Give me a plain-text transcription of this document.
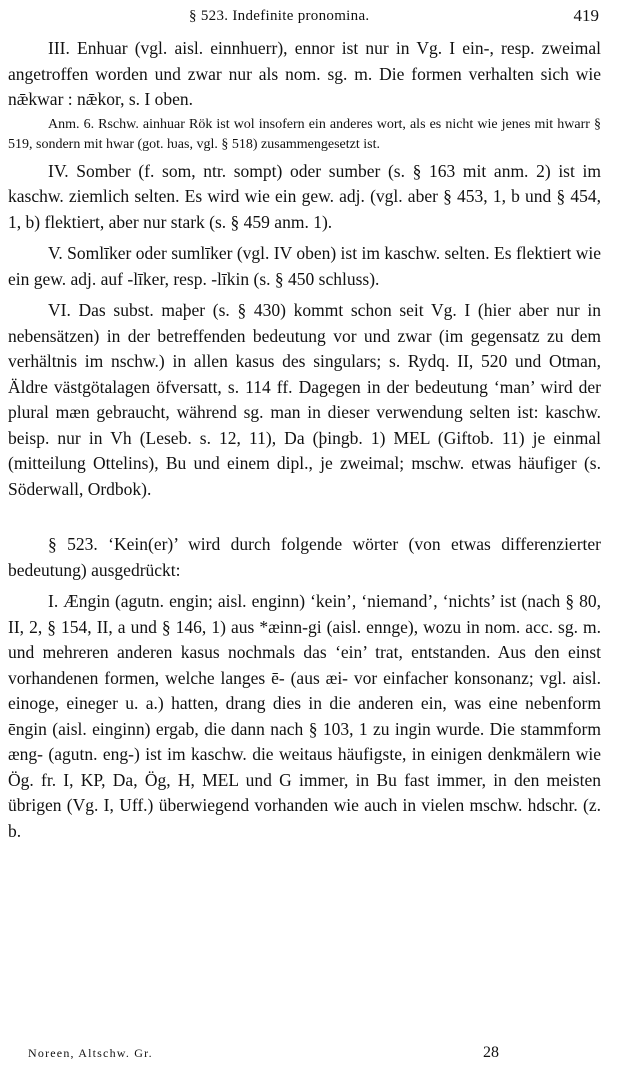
§ 523. Indefinite pronomina.	419

III. Enhuar (vgl. aisl. einnhuerr), ennor ist nur in Vg. I ein-, resp. zweimal angetroffen worden und zwar nur als nom. sg. m. Die formen verhalten sich wie nǣkwar : nǣkor, s. I oben.

Anm. 6. Rschw. ainhuar Rök ist wol insofern ein anderes wort, als es nicht wie jenes mit hwarr § 519, sondern mit hwar (got. ƕas, vgl. § 518) zusammengesetzt ist.

IV. Somber (f. som, ntr. sompt) oder sumber (s. § 163 mit anm. 2) ist im kaschw. ziemlich selten. Es wird wie ein gew. adj. (vgl. aber § 453, 1, b und § 454, 1, b) flektiert, aber nur stark (s. § 459 anm. 1).

V. Somlīker oder sumlīker (vgl. IV oben) ist im kaschw. selten. Es flektiert wie ein gew. adj. auf -līker, resp. -līkin (s. § 450 schluss).

VI. Das subst. maþer (s. § 430) kommt schon seit Vg. I (hier aber nur in nebensätzen) in der betreffenden bedeutung vor und zwar (im gegensatz zu dem verhältnis im nschw.) in allen kasus des singulars; s. Rydq. II, 520 und Otman, Äldre västgötalagen öfversatt, s. 114 ff. Dagegen in der bedeutung ‘man’ wird der plural mæn gebraucht, während sg. man in dieser verwendung selten ist: kaschw. beisp. nur in Vh (Leseb. s. 12, 11), Da (þingb. 1) MEL (Giftob. 11) je einmal (mitteilung Ottelins), Bu und einem dipl., je zweimal; mschw. etwas häufiger (s. Söderwall, Ordbok).

§ 523. ‘Kein(er)’ wird durch folgende wörter (von etwas differenzierter bedeutung) ausgedrückt:

I. Ængin (agutn. engin; aisl. enginn) ‘kein’, ‘niemand’, ‘nichts’ ist (nach § 80, II, 2, § 154, II, a und § 146, 1) aus *æinn-gi (aisl. ennge), wozu in nom. acc. sg. m. und mehreren anderen kasus nochmals das ‘ein’ trat, entstanden. Aus den einst vorhandenen formen, welche langes ē- (aus æi- vor einfacher konsonanz; vgl. aisl. einoge, eineger u. a.) hatten, drang dies in die anderen ein, was eine nebenform ēngin (aisl. einginn) ergab, die dann nach § 103, 1 zu ingin wurde. Die stammform æng- (agutn. eng-) ist im kaschw. die weitaus häufigste, in einigen denkmälern wie Ög. fr. I, KP, Da, Ög, H, MEL und G immer, in Bu fast immer, in den meisten übrigen (Vg. I, Uff.) überwiegend vorhanden wie auch in vielen mschw. hdschr. (z. b.

Noreen, Altschw. Gr.	28
